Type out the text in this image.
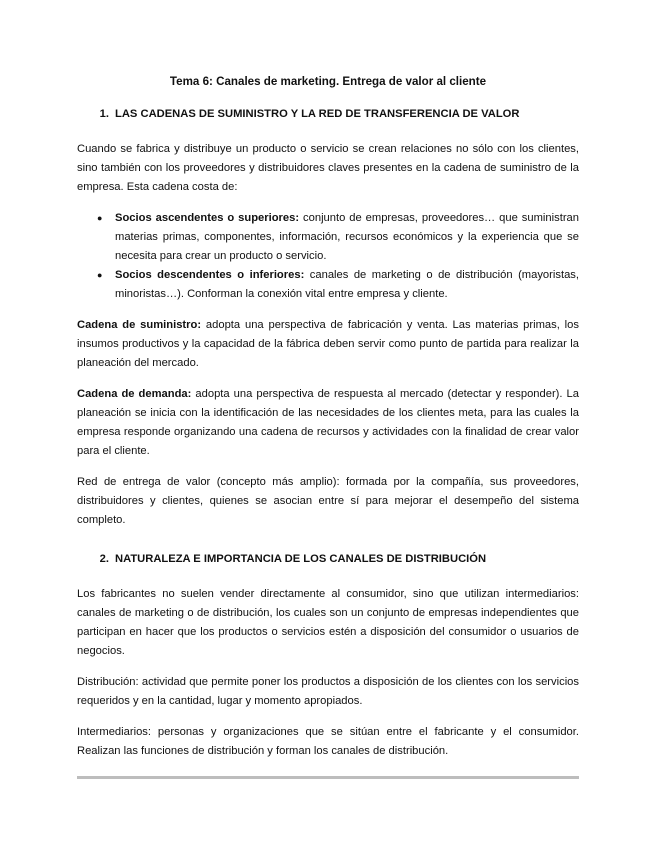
Tema 6: Canales de marketing. Entrega de valor al cliente
1. LAS CADENAS DE SUMINISTRO Y LA RED DE TRANSFERENCIA DE VALOR

Cuando se fabrica y distribuye un producto o servicio se crean relaciones no sólo con los clientes, sino también con los proveedores y distribuidores claves presentes en la cadena de suministro de la empresa. Esta cadena costa de:

● Socios ascendentes o superiores: conjunto de empresas, proveedores… que suministran materias primas, componentes, información, recursos económicos y la experiencia que se necesita para crear un producto o servicio.
● Socios descendentes o inferiores: canales de marketing o de distribución (mayoristas, minoristas…). Conforman la conexión vital entre empresa y cliente.

Cadena de suministro: adopta una perspectiva de fabricación y venta. Las materias primas, los insumos productivos y la capacidad de la fábrica deben servir como punto de partida para realizar la planeación del mercado.

Cadena de demanda: adopta una perspectiva de respuesta al mercado (detectar y responder). La planeación se inicia con la identificación de las necesidades de los clientes meta, para las cuales la empresa responde organizando una cadena de recursos y actividades con la finalidad de crear valor para el cliente.

Red de entrega de valor (concepto más amplio): formada por la compañía, sus proveedores, distribuidores y clientes, quienes se asocian entre sí para mejorar el desempeño del sistema completo.

2. NATURALEZA E IMPORTANCIA DE LOS CANALES DE DISTRIBUCIÓN

Los fabricantes no suelen vender directamente al consumidor, sino que utilizan intermediarios: canales de marketing o de distribución, los cuales son un conjunto de empresas independientes que participan en hacer que los productos o servicios estén a disposición del consumidor o usuarios de negocios.

Distribución: actividad que permite poner los productos a disposición de los clientes con los servicios requeridos y en la cantidad, lugar y momento apropiados.

Intermediarios: personas y organizaciones que se sitúan entre el fabricante y el consumidor. Realizan las funciones de distribución y forman los canales de distribución.
